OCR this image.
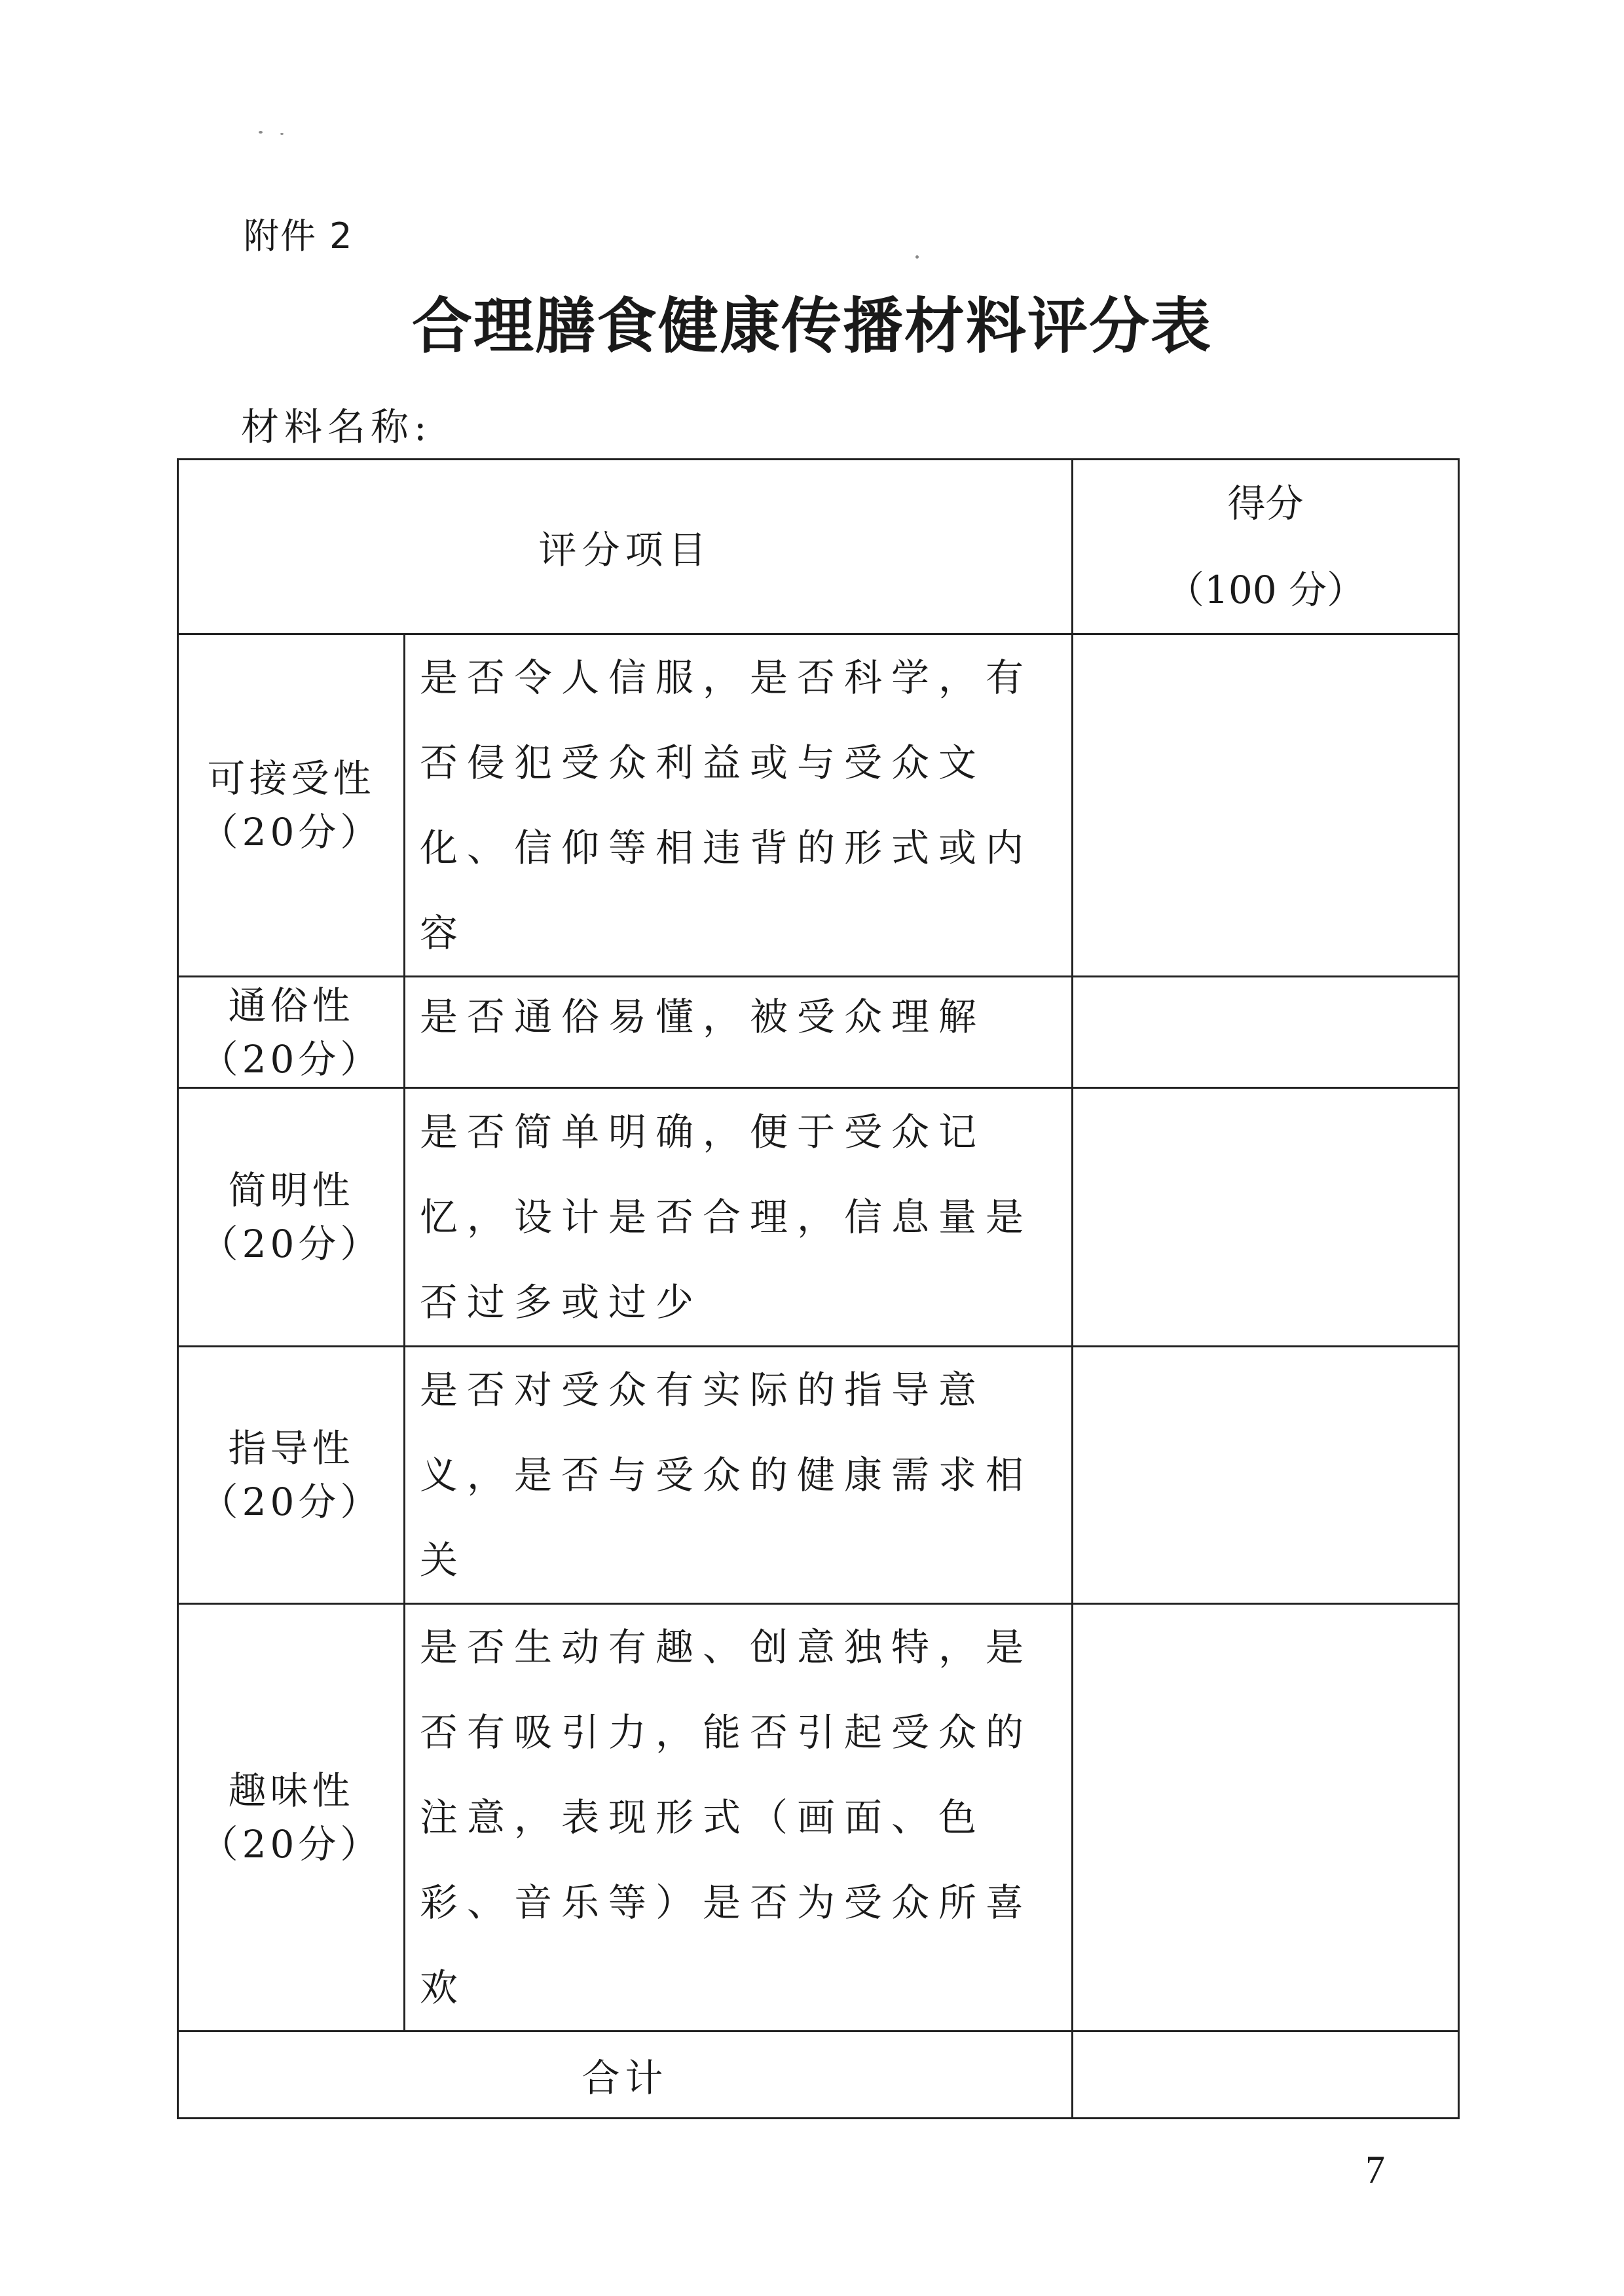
附件 2
合理膳食健康传播材料评分表
材料名称:
评分项目		得分
（100 分）

可接受性
（20分）	是否令人信服，是否科学，有否侵犯受众利益或与受众文化、信仰等相违背的形式或内容	

通俗性
（20分）	是否通俗易懂，被受众理解	

简明性
（20分）	是否简单明确，便于受众记忆，设计是否合理，信息量是否过多或过少	

指导性
（20分）	是否对受众有实际的指导意义，是否与受众的健康需求相关	

趣味性
（20分）	是否生动有趣、创意独特，是否有吸引力，能否引起受众的注意，表现形式（画面、色彩、音乐等）是否为受众所喜欢	
合计		
7
